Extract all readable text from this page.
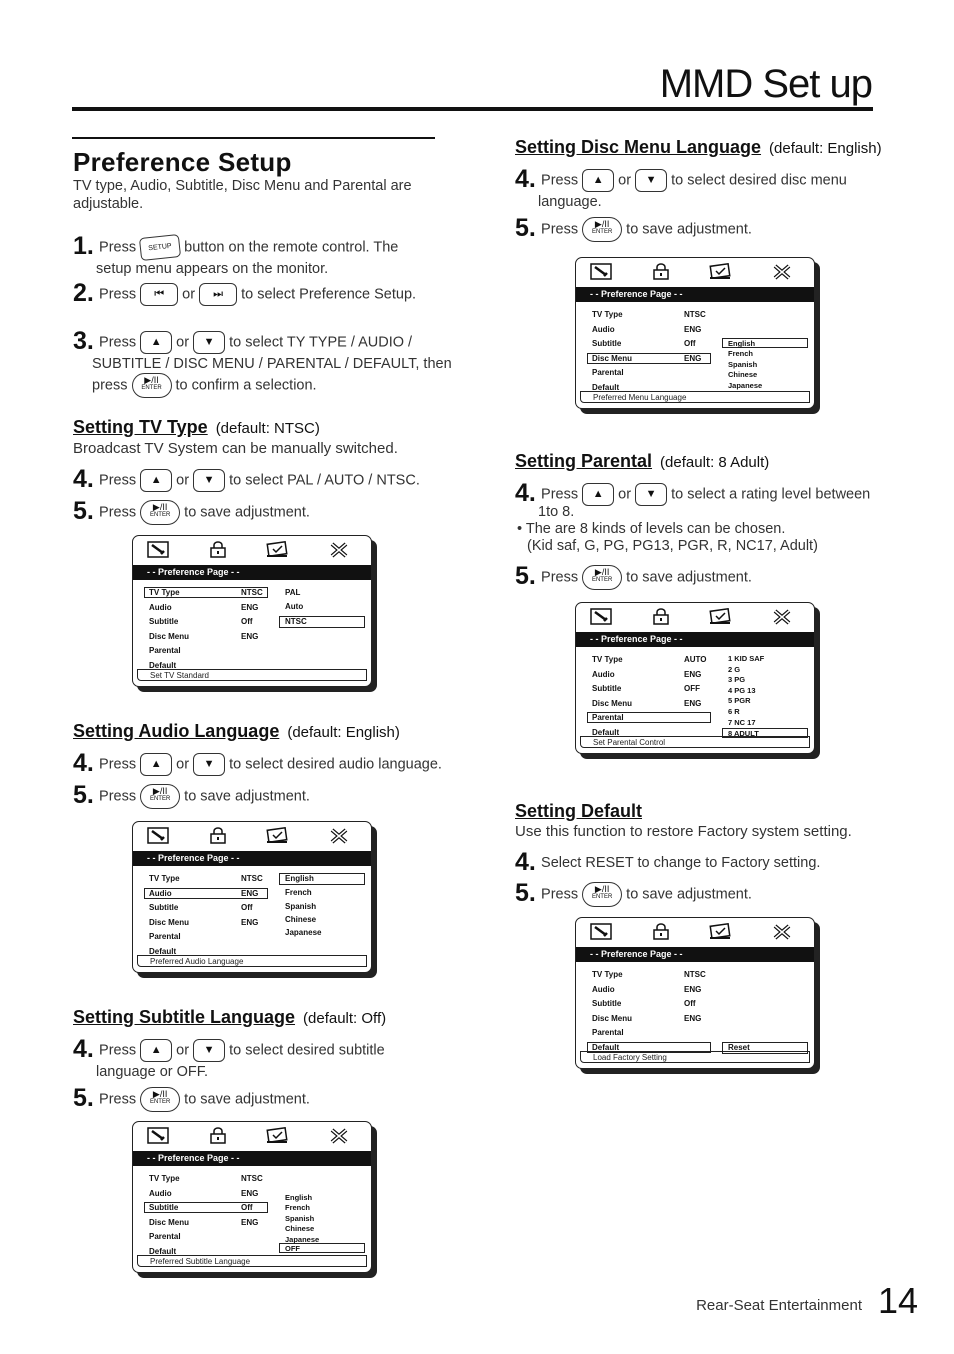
MMD Set up
Preference Setup
TV type, Audio, Subtitle, Disc Menu and Parental are
adjustable.
1. Press SETUP button on the remote control. The
setup menu appears on the monitor.
2. Press ⏮ or ⏭ to select Preference Setup.
3. Press ▲ or ▼ to select TY TYPE / AUDIO /
SUBTITLE / DISC MENU / PARENTAL / DEFAULT, then
press ▶/II
ENTER to confirm a selection.
Setting TV Type (default: NTSC)
Broadcast TV System can be manually switched.
4. Press ▲ or ▼ to select PAL / AUTO / NTSC.
5. Press ▶/II
ENTER to save adjustment.
- - Preference Page - -
TV Type
Audio
Subtitle
Disc Menu
Parental
Default
NTSC
ENG
Off
ENG
PAL
Auto
NTSC
Set TV Standard
Setting Audio Language (default: English)
4. Press ▲ or ▼ to select desired audio language.
5. Press ▶/II
ENTER to save adjustment.
- - Preference Page - -
TV Type
Audio
Subtitle
Disc Menu
Parental
Default
NTSC
ENG
Off
ENG
English
French
Spanish
Chinese
Japanese
Preferred Audio Language
Setting Subtitle Language (default: Off)
4. Press ▲ or ▼ to select desired subtitle
language or OFF.
5. Press ▶/II
ENTER to save adjustment.
- - Preference Page - -
TV Type
Audio
Subtitle
Disc Menu
Parental
Default
NTSC
ENG
Off
ENG
English
French
Spanish
Chinese
Japanese
OFF
Preferred Subtitle Language
Setting Disc Menu Language (default: English)
4. Press ▲ or ▼ to select desired disc menu
language.
5. Press ▶/II
ENTER to save adjustment.
- - Preference Page - -
TV Type
Audio
Subtitle
Disc Menu
Parental
Default
NTSC
ENG
Off
ENG
English
French
Spanish
Chinese
Japanese
Preferred Menu Language
Setting Parental (default: 8 Adult)
4. Press ▲ or ▼ to select a rating level between
1to 8.
• The are 8 kinds of levels can be chosen.
(Kid saf, G, PG, PG13, PGR, R, NC17, Adult)
5. Press ▶/II
ENTER to save adjustment.
- - Preference Page - -
TV Type
Audio
Subtitle
Disc Menu
Parental
Default
AUTO
ENG
OFF
ENG
1 KID SAF
2 G
3 PG
4 PG 13
5 PGR
6 R
7 NC 17
8 ADULT
Set Parental Control
Setting Default
Use this function to restore Factory system setting.
4. Select RESET to change to Factory setting.
5. Press ▶/II
ENTER to save adjustment.
- - Preference Page - -
TV Type
Audio
Subtitle
Disc Menu
Parental
Default
NTSC
ENG
Off
ENG
Reset
Load Factory Setting
Rear-Seat Entertainment 14
